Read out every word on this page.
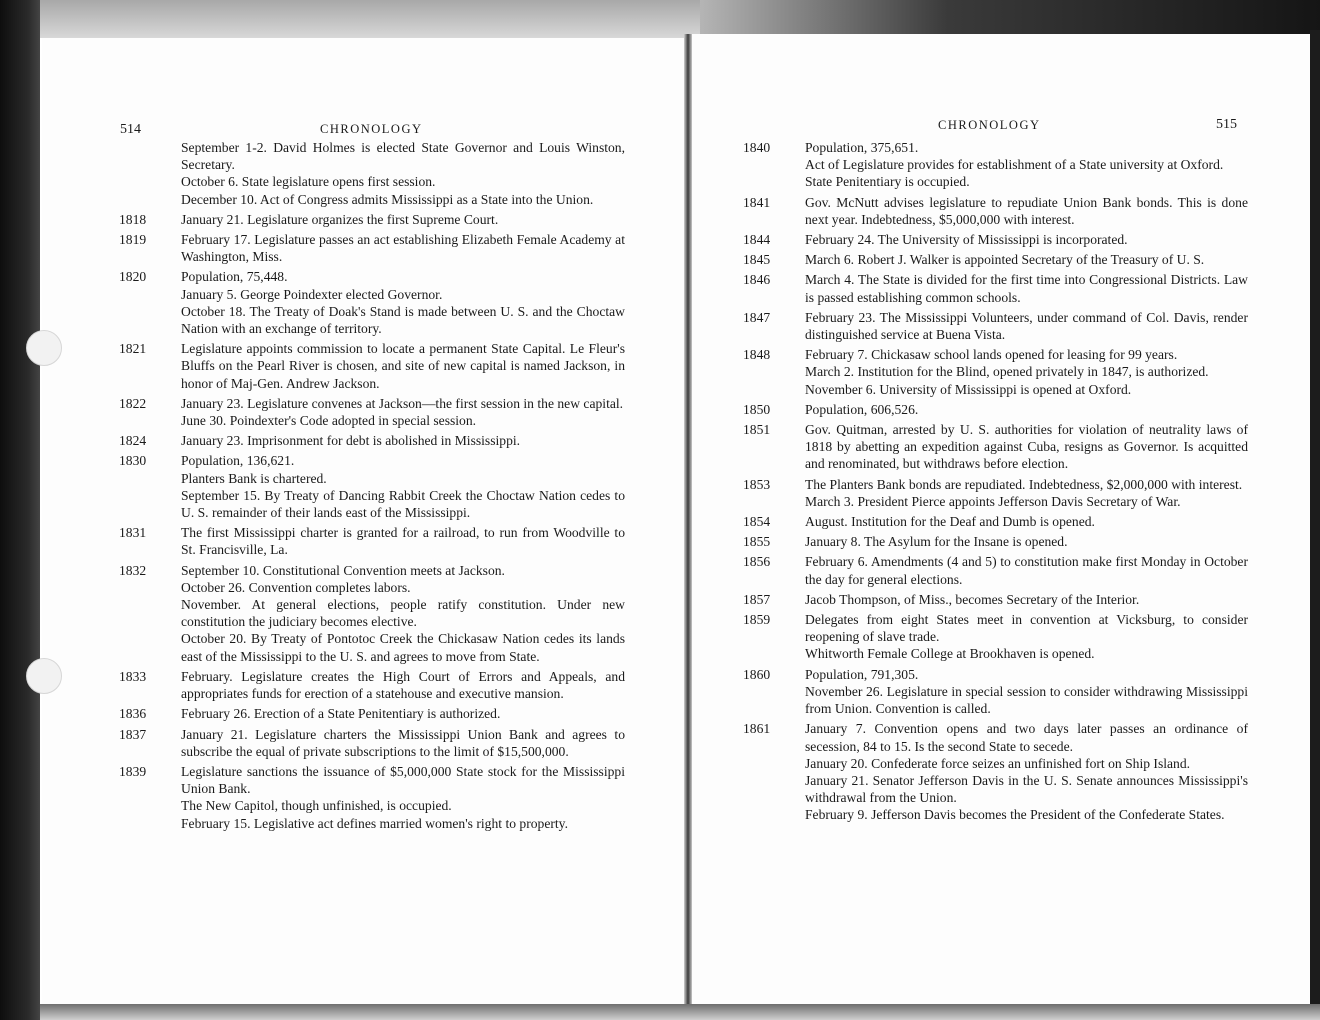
514	CHRONOLOGY	CHRONOLOGY	515
September 1-2. David Holmes is elected State Governor and Louis Winston, Secretary.
October 6. State legislature opens first session.
December 10. Act of Congress admits Mississippi as a State into the Union.
1818	January 21. Legislature organizes the first Supreme Court.
1819	February 17. Legislature passes an act establishing Elizabeth Female Academy at Washington, Miss.
1820	Population, 75,448.
January 5. George Poindexter elected Governor.
October 18. The Treaty of Doak's Stand is made between U. S. and the Choctaw Nation with an exchange of territory.
1821	Legislature appoints commission to locate a permanent State Capital. Le Fleur's Bluffs on the Pearl River is chosen, and site of new capital is named Jackson, in honor of Maj-Gen. Andrew Jackson.
1822	January 23. Legislature convenes at Jackson—the first session in the new capital.
June 30. Poindexter's Code adopted in special session.
1824	January 23. Imprisonment for debt is abolished in Mississippi.
1830	Population, 136,621.
Planters Bank is chartered.
September 15. By Treaty of Dancing Rabbit Creek the Choctaw Nation cedes to U. S. remainder of their lands east of the Mississippi.
1831	The first Mississippi charter is granted for a railroad, to run from Woodville to St. Francisville, La.
1832	September 10. Constitutional Convention meets at Jackson.
October 26. Convention completes labors.
November. At general elections, people ratify constitution. Under new constitution the judiciary becomes elective.
October 20. By Treaty of Pontotoc Creek the Chickasaw Nation cedes its lands east of the Mississippi to the U. S. and agrees to move from State.
1833	February. Legislature creates the High Court of Errors and Appeals, and appropriates funds for erection of a statehouse and executive mansion.
1836	February 26. Erection of a State Penitentiary is authorized.
1837	January 21. Legislature charters the Mississippi Union Bank and agrees to subscribe the equal of private subscriptions to the limit of $15,500,000.
1839	Legislature sanctions the issuance of $5,000,000 State stock for the Mississippi Union Bank.
The New Capitol, though unfinished, is occupied.
February 15. Legislative act defines married women's right to property.
1840	Population, 375,651.
Act of Legislature provides for establishment of a State university at Oxford.
State Penitentiary is occupied.
1841	Gov. McNutt advises legislature to repudiate Union Bank bonds. This is done next year. Indebtedness, $5,000,000 with interest.
1844	February 24. The University of Mississippi is incorporated.
1845	March 6. Robert J. Walker is appointed Secretary of the Treasury of U. S.
1846	March 4. The State is divided for the first time into Congressional Districts. Law is passed establishing common schools.
1847	February 23. The Mississippi Volunteers, under command of Col. Davis, render distinguished service at Buena Vista.
1848	February 7. Chickasaw school lands opened for leasing for 99 years.
March 2. Institution for the Blind, opened privately in 1847, is authorized.
November 6. University of Mississippi is opened at Oxford.
1850	Population, 606,526.
1851	Gov. Quitman, arrested by U. S. authorities for violation of neutrality laws of 1818 by abetting an expedition against Cuba, resigns as Governor. Is acquitted and renominated, but withdraws before election.
1853	The Planters Bank bonds are repudiated. Indebtedness, $2,000,000 with interest.
March 3. President Pierce appoints Jefferson Davis Secretary of War.
1854	August. Institution for the Deaf and Dumb is opened.
1855	January 8. The Asylum for the Insane is opened.
1856	February 6. Amendments (4 and 5) to constitution make first Monday in October the day for general elections.
1857	Jacob Thompson, of Miss., becomes Secretary of the Interior.
1859	Delegates from eight States meet in convention at Vicksburg, to consider reopening of slave trade.
Whitworth Female College at Brookhaven is opened.
1860	Population, 791,305.
November 26. Legislature in special session to consider withdrawing Mississippi from Union. Convention is called.
1861	January 7. Convention opens and two days later passes an ordinance of secession, 84 to 15. Is the second State to secede.
January 20. Confederate force seizes an unfinished fort on Ship Island.
January 21. Senator Jefferson Davis in the U. S. Senate announces Mississippi's withdrawal from the Union.
February 9. Jefferson Davis becomes the President of the Confederate States.
